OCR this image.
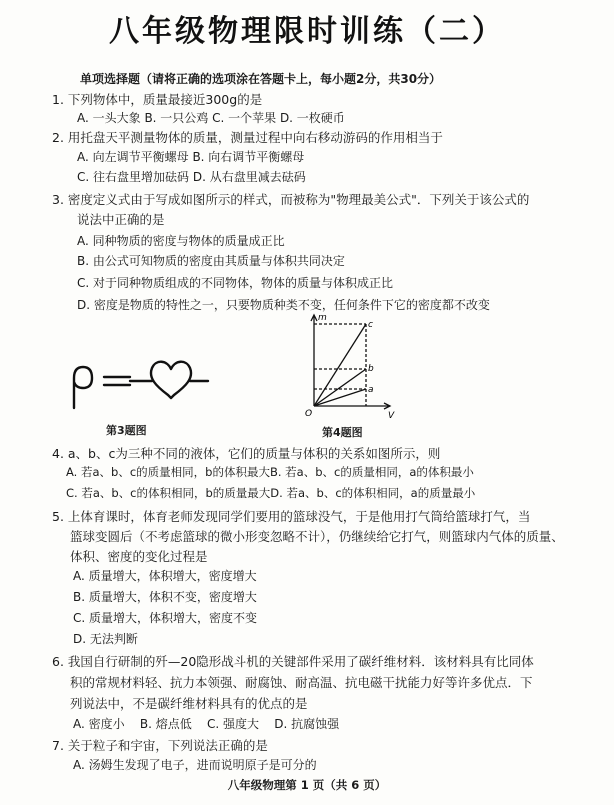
八年级物理限时训练（二）
单项选择题（请将正确的选项涂在答题卡上，每小题2分，共30分）
1. 下列物体中，质量最接近300g的是
A. 一头大象 B. 一只公鸡 C. 一个苹果 D. 一枚硬币
2. 用托盘天平测量物体的质量，测量过程中向右移动游码的作用相当于
A. 向左调节平衡螺母 B. 向右调节平衡螺母
C. 往右盘里增加砝码 D. 从右盘里减去砝码
3. 密度定义式由于写成如图所示的样式，而被称为"物理最美公式"．下列关于该公式的
说法中正确的是
A. 同种物质的密度与物体的质量成正比
B. 由公式可知物质的密度由其质量与体积共同决定
C. 对于同种物质组成的不同物体，物体的质量与体积成正比
D. 密度是物质的特性之一，只要物质种类不变，任何条件下它的密度都不改变
第3题图
m
V
O
c
b
a
第4题图
4. a、b、c为三种不同的液体，它们的质量与体积的关系如图所示，则
A. 若a、b、c的质量相同，b的体积最大B. 若a、b、c的质量相同，a的体积最小
C. 若a、b、c的体积相同，b的质量最大D. 若a、b、c的体积相同，a的质量最小
5. 上体育课时，体育老师发现同学们要用的篮球没气，于是他用打气筒给篮球打气，当
篮球变圆后（不考虑篮球的微小形变忽略不计），仍继续给它打气，则篮球内气体的质量、
体积、密度的变化过程是
A. 质量增大，体积增大，密度增大
B. 质量增大，体积不变，密度增大
C. 质量增大，体积增大，密度不变
D. 无法判断
6. 我国自行研制的歼—20隐形战斗机的关键部件采用了碳纤维材料．该材料具有比同体
积的常规材料轻、抗力本领强、耐腐蚀、耐高温、抗电磁干扰能力好等许多优点．下
列说法中，不是碳纤维材料具有的优点的是
A. 密度小    B. 熔点低    C. 强度大    D. 抗腐蚀强
7. 关于粒子和宇宙，下列说法正确的是
A. 汤姆生发现了电子，进而说明原子是可分的
八年级物理第 1 页（共 6 页）
